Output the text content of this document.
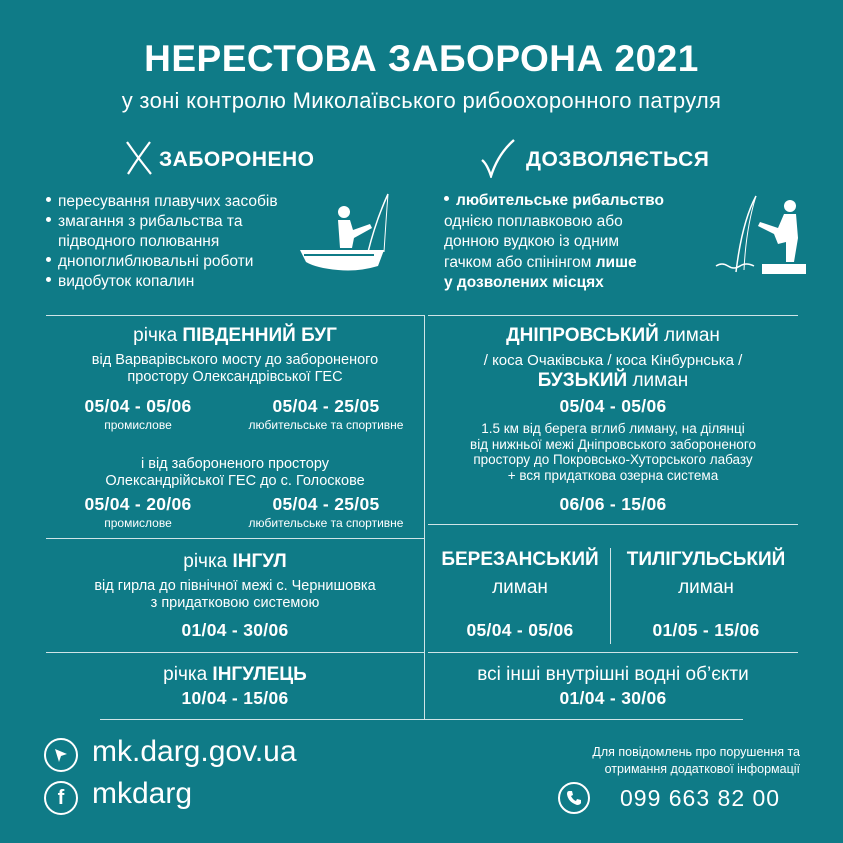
НЕРЕСТОВА ЗАБОРОНА 2021
у зоні контролю Миколаївського рибоохоронного патруля
ЗАБОРОНЕНО
пересування плавучих засобів
змагання з рибальства та
підводного полювання
днопоглиблювальні роботи
видобуток копалин
ДОЗВОЛЯЄТЬСЯ
любительське рибальство
однією поплавковою або
донною вудкою із одним
гачком або спінінгом лише
у дозволених місцях
річка ПІВДЕННИЙ БУГ
від Варварівського мосту до забороненого
простору Олександрівської ГЕС
05/04 - 05/06
промислове
05/04 - 25/05
любительське та спортивне
і від забороненого простору
Олександрійської ГЕС до с. Голоскове
05/04 - 20/06
промислове
05/04 - 25/05
любительське та спортивне
ДНІПРОВСЬКИЙ лиман
/ коса Очаківська / коса Кінбурнська /
БУЗЬКИЙ лиман
05/04 - 05/06
1.5 км від берега вглиб лиману, на ділянці
від нижньої межі Дніпровського забороненого
простору до Покровсько-Хуторського лабазу
+ вся придаткова озерна система
06/06 - 15/06
річка ІНГУЛ
від гирла до північної межі с. Чернишовка
з придатковою системою
01/04 - 30/06
БЕРЕЗАНСЬКИЙ
лиман
05/04 - 05/06
ТИЛІГУЛЬСЬКИЙ
лиман
01/05 - 15/06
річка ІНГУЛЕЦЬ
10/04 - 15/06
всі інші внутрішні водні об’єкти
01/04 - 30/06
mk.darg.gov.ua
f mkdarg
Для повідомлень про порушення та
отримання додаткової інформації
099 663 82 00
